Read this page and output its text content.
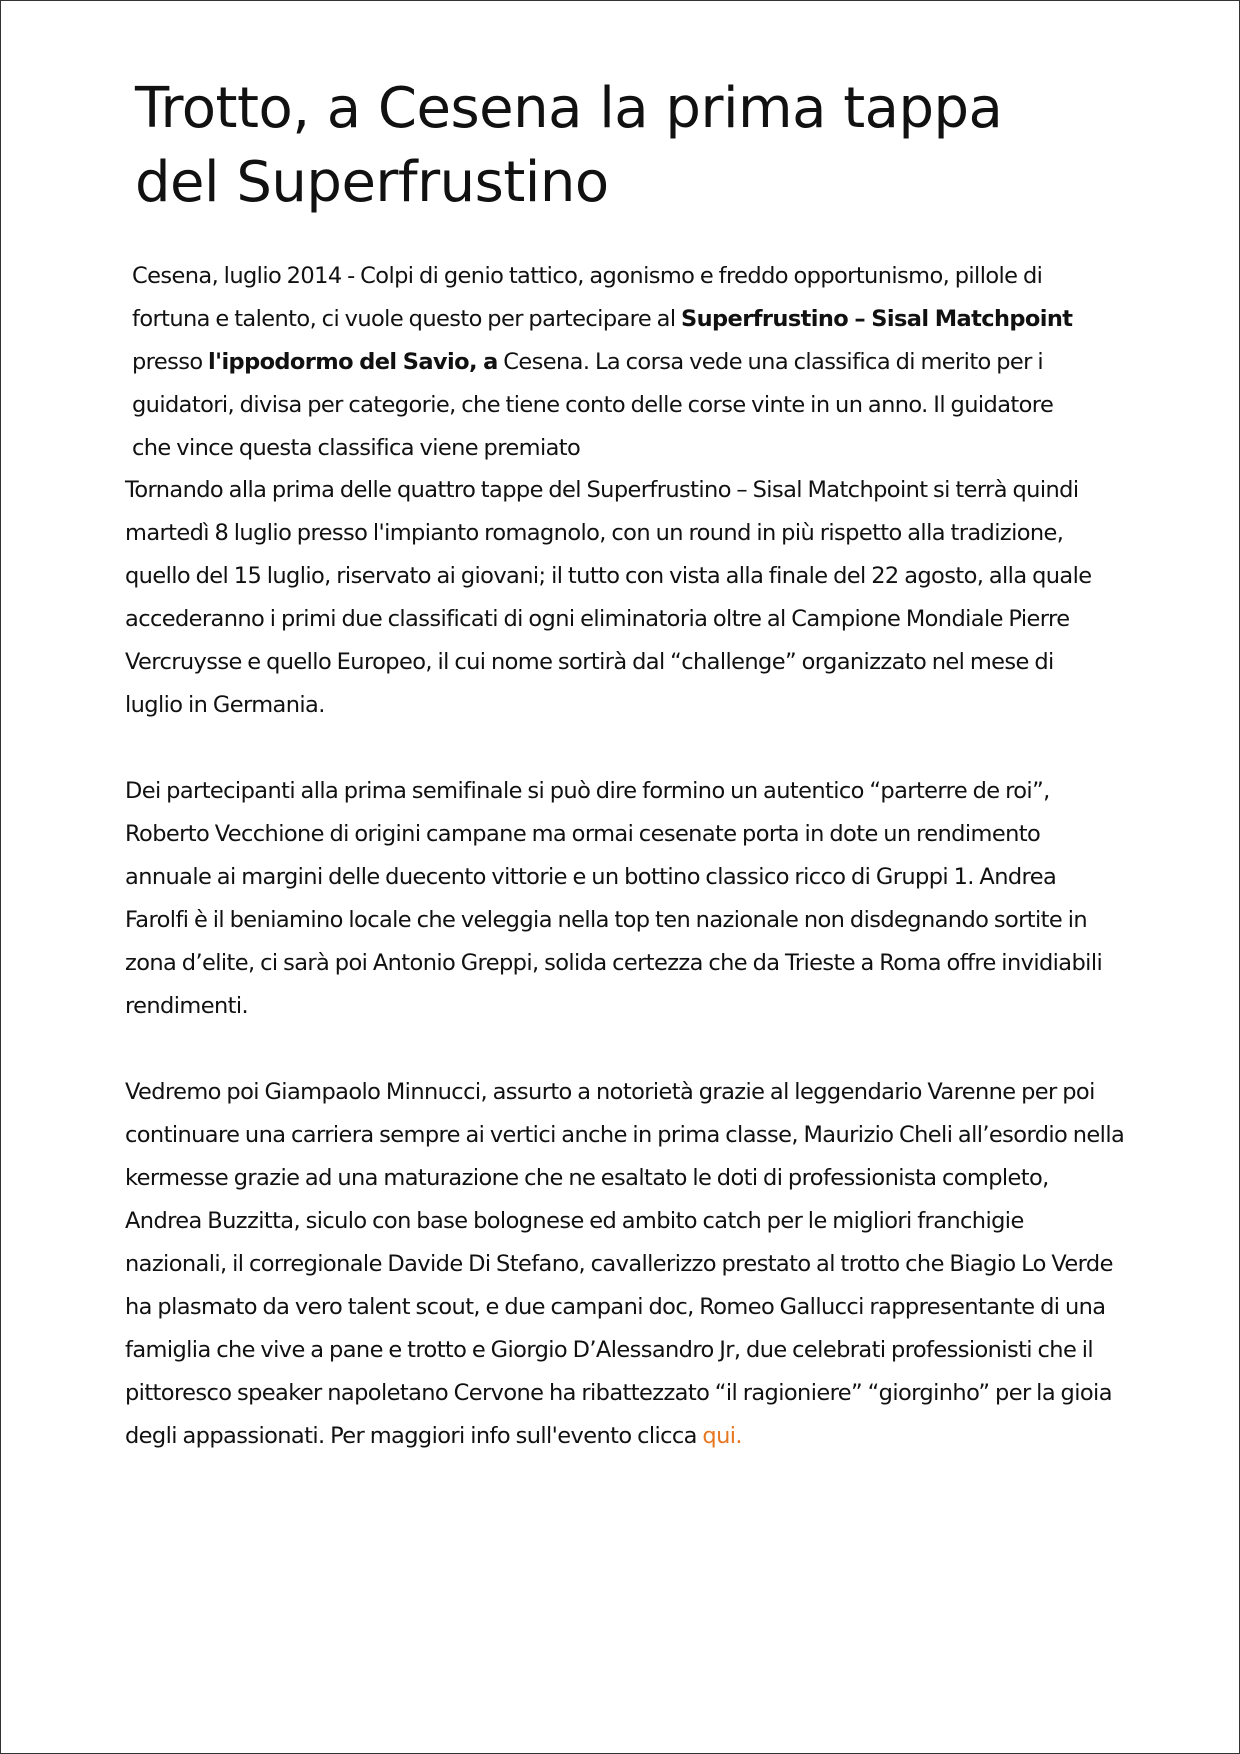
Trotto, a Cesena la prima tappa del Superfrustino

Cesena, luglio 2014 - Colpi di genio tattico, agonismo e freddo opportunismo, pillole di fortuna e talento, ci vuole questo per partecipare al Superfrustino – Sisal Matchpoint presso l'ippodormo del Savio, a Cesena. La corsa vede una classifica di merito per i guidatori, divisa per categorie, che tiene conto delle corse vinte in un anno. Il guidatore che vince questa classifica viene premiato

Tornando alla prima delle quattro tappe del Superfrustino – Sisal Matchpoint si terrà quindi martedì 8 luglio presso l'impianto romagnolo, con un round in più rispetto alla tradizione, quello del 15 luglio, riservato ai giovani; il tutto con vista alla finale del 22 agosto, alla quale accederanno i primi due classificati di ogni eliminatoria oltre al Campione Mondiale Pierre Vercruysse e quello Europeo, il cui nome sortirà dal “challenge” organizzato nel mese di luglio in Germania.

Dei partecipanti alla prima semifinale si può dire formino un autentico “parterre de roi”, Roberto Vecchione di origini campane ma ormai cesenate porta in dote un rendimento annuale ai margini delle duecento vittorie e un bottino classico ricco di Gruppi 1. Andrea Farolfi è il beniamino locale che veleggia nella top ten nazionale non disdegnando sortite in zona d’elite, ci sarà poi Antonio Greppi, solida certezza che da Trieste a Roma offre invidiabili rendimenti.

Vedremo poi Giampaolo Minnucci, assurto a notorietà grazie al leggendario Varenne per poi continuare una carriera sempre ai vertici anche in prima classe, Maurizio Cheli all’esordio nella kermesse grazie ad una maturazione che ne esaltato le doti di professionista completo, Andrea Buzzitta, siculo con base bolognese ed ambito catch per le migliori franchigie nazionali, il corregionale Davide Di Stefano, cavallerizzo prestato al trotto che Biagio Lo Verde ha plasmato da vero talent scout, e due campani doc, Romeo Gallucci rappresentante di una famiglia che vive a pane e trotto e Giorgio D’Alessandro Jr, due celebrati professionisti che il pittoresco speaker napoletano Cervone ha ribattezzato “il ragioniere” “giorginho” per la gioia degli appassionati. Per maggiori info sull'evento clicca qui.
